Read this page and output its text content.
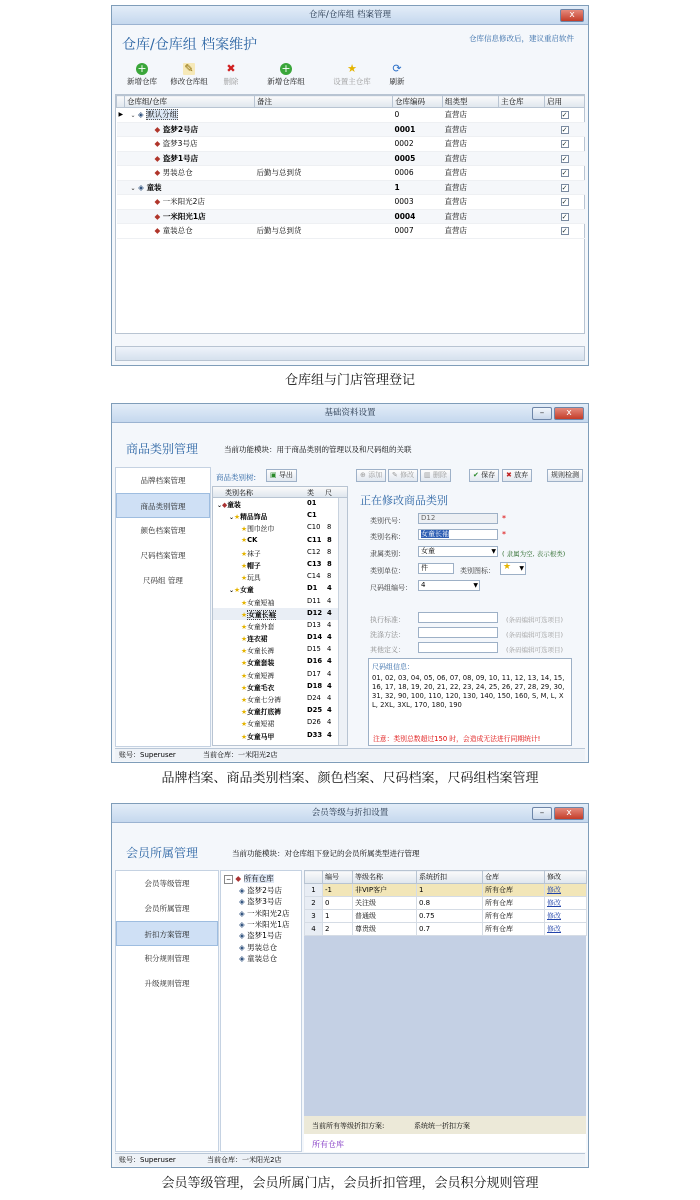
仓库/仓库组 档案管理	x
仓库/仓库组 档案维护	仓库信息修改后，建议重启软件
+
新增仓库
✎
修改仓库组
✖
删除
+
新增仓库组
★
设置主仓库
⟳
刷新
	仓库组/仓库	备注	仓库编码	组类型	主仓库	启用
▶	⌄ ◈ 默认分组		0	直营店		✓
	◆ 盗梦2号店		0001	直营店		✓
	◆ 盗梦3号店		0002	直营店		✓
	◆ 盗梦1号店		0005	直营店		✓
	◆ 男装总仓	后勤与总到货	0006	直营店		✓
	⌄ ◈ 童装		1	直营店		✓
	◆ 一米阳光2店		0003	直营店		✓
	◆ 一米阳光1店		0004	直营店		✓
	◆ 童装总仓	后勤与总到货	0007	直营店		✓
仓库组与门店管理登记
基础资料设置	–	x
商品类别管理	当前功能模块：用于商品类别的管理以及和尺码组的关联
品牌档案管理
商品类别管理
颜色档案管理
尺码档案管理
尺码组 管理
商品类别树:	▣ 导出
类别名称	类 尺
⌄◆童装	01
⌄★精品饰品	C1
★围巾丝巾	C10 8
★CK	C11 8
★袜子	C12 8
★帽子	C13 8
★玩具	C14 8
⌄★女童	D1 4
★女童短袖	D11 4
★女童长袖	D12 4
★女童外套	D13 4
★连衣裙	D14 4
★女童长裤	D15 4
★女童套装	D16 4
★女童短裤	D17 4
★女童毛衣	D18 4
★女童七分裤	D24 4
★女童打底裤	D25 4
★女童短裙	D26 4
★女童马甲	D33 4
⊕ 添加	✎ 修改	▥ 删除	✔ 保存	✖ 放弃	规则检测
正在修改商品类别
类别代号：	D12	*
类别名称：	女童长袖	*
隶属类别：	女童	▼ ( 隶属为空, 表示根类)
类别单位：	件	类别图标： ★ ▼
尺码组编号：	4	▼
执行标准：	(条码编辑可选项目)
洗涤方法：	(条码编辑可选项目)
其他定义：	(条码编辑可选项目)
尺码组信息：
01, 02, 03, 04, 05, 06, 07, 08, 09, 10, 11, 12, 13, 14, 15, 16, 17, 18, 19, 20, 21, 22, 23, 24, 25, 26, 27, 28, 29, 30, 31, 32, 90, 100, 110, 120, 130, 140, 150, 160, S, M, L, XL, 2XL, 3XL, 170, 180, 190
注意：类别总数超过150 时，会造成无法进行同期统计!
账号：Superuser	当前仓库：一米阳光2店
品牌档案、商品类别档案、颜色档案、尺码档案，尺码组档案管理
会员等级与折扣设置	–	x
会员所属管理	当前功能模块：对仓库组下登记的会员所属类型进行管理
会员等级管理
会员所属管理
折扣方案管理
积分规则管理
升级规则管理
− ◆ 所有仓库
◈ 盗梦2号店
◈ 盗梦3号店
◈ 一米阳光2店
◈ 一米阳光1店
◈ 盗梦1号店
◈ 男装总仓
◈ 童装总仓
	编号	等级名称	系统折扣	仓库	修改
1	-1	非VIP客户	1	所有仓库	修改
2	0	关注级	0.8	所有仓库	修改
3	1	普通级	0.75	所有仓库	修改
4	2	尊贵级	0.7	所有仓库	修改
当前所有等级折扣方案:	系统统一折扣方案
所有仓库
账号：Superuser	当前仓库：一米阳光2店
会员等级管理，会员所属门店，会员折扣管理，会员积分规则管理
